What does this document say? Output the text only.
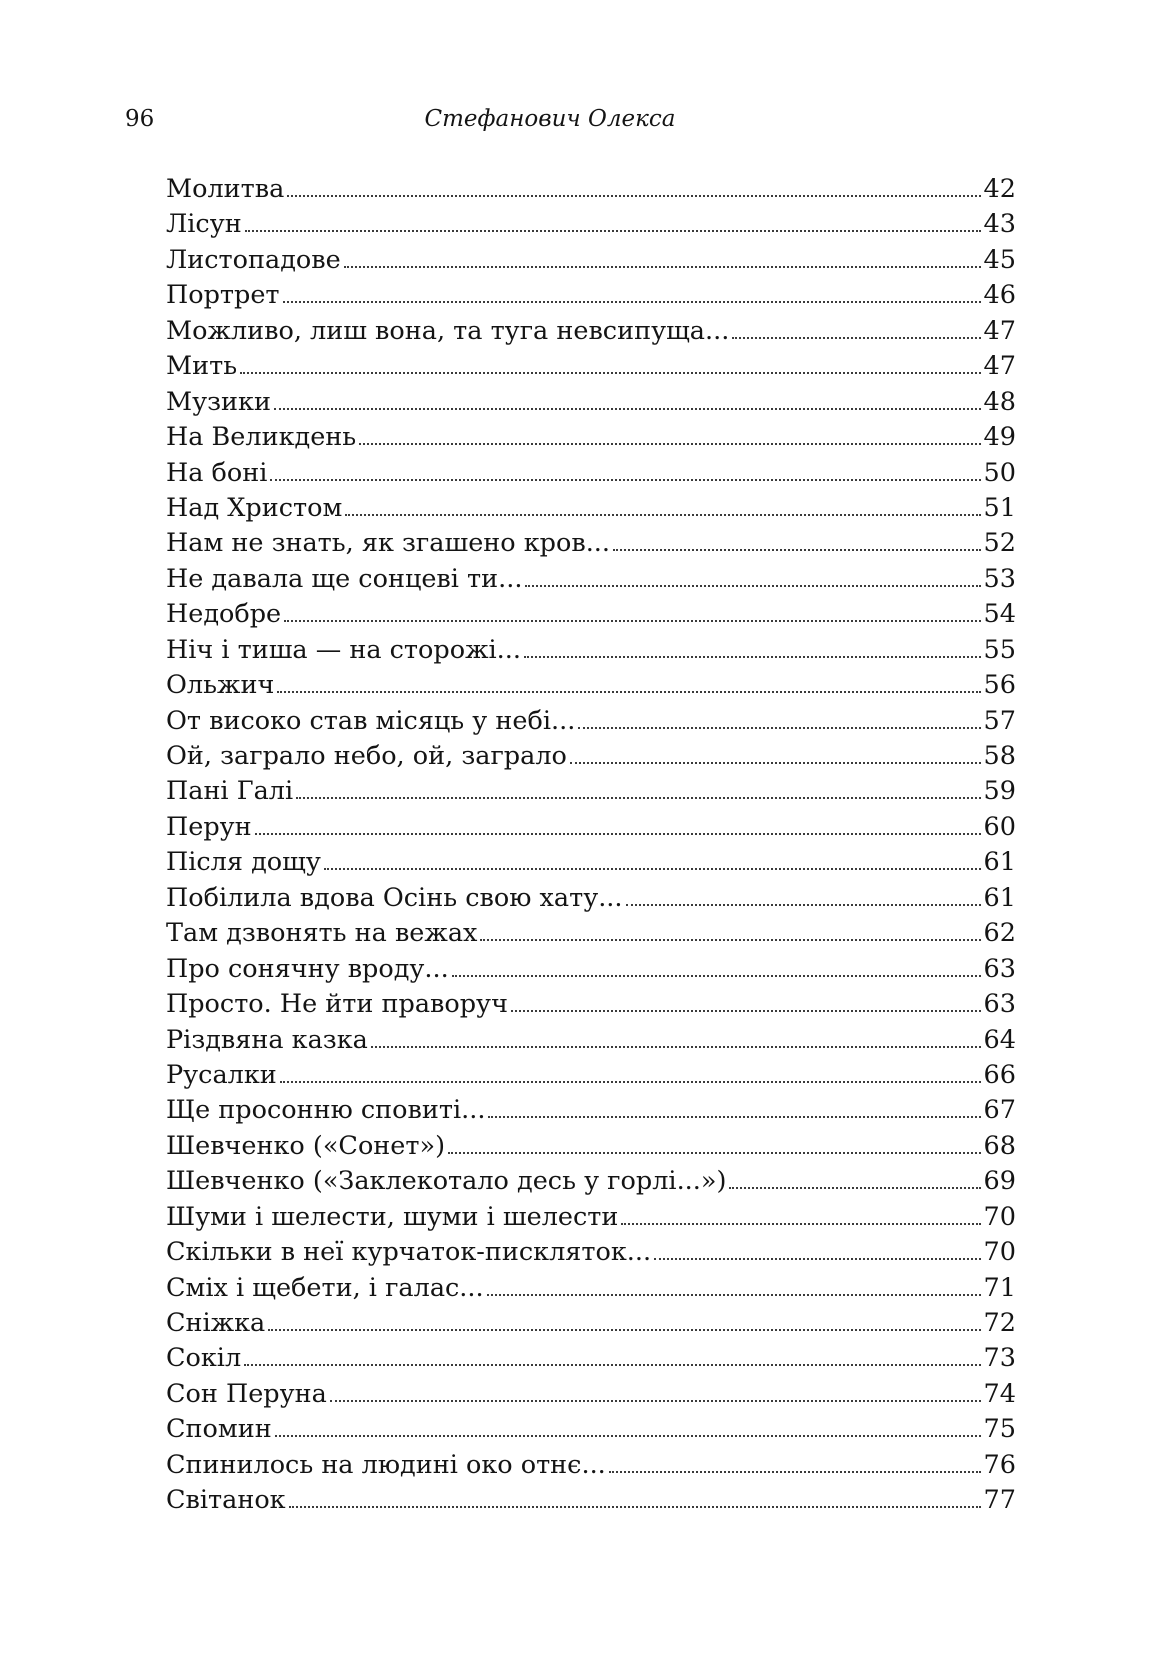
96	Стефанович Олекса
Молитва	42
Лісун	43
Листопадове	45
Портрет	46
Можливо, лиш вона, та туга невсипуща...	47
Мить	47
Музики	48
На Великдень	49
На боні	50
Над Христом	51
Нам не знать, як згашено кров...	52
Не давала ще сонцеві ти...	53
Недобре	54
Ніч і тиша — на сторожі...	55
Ольжич	56
От високо став місяць у небі...	57
Ой, заграло небо, ой, заграло	58
Пані Галі	59
Перун	60
Після дощу	61
Побілила вдова Осінь свою хату...	61
Там дзвонять на вежах	62
Про сонячну вроду...	63
Просто. Не йти праворуч	63
Різдвяна казка	64
Русалки	66
Ще просонню сповиті...	67
Шевченко («Сонет»)	68
Шевченко («Заклекотало десь у горлі...»)	69
Шуми і шелести, шуми і шелести	70
Скільки в неї курчаток-пискляток...	70
Сміх і щебети, і галас...	71
Сніжка	72
Сокіл	73
Сон Перуна	74
Спомин	75
Спинилось на людині око отнє...	76
Світанок	77
